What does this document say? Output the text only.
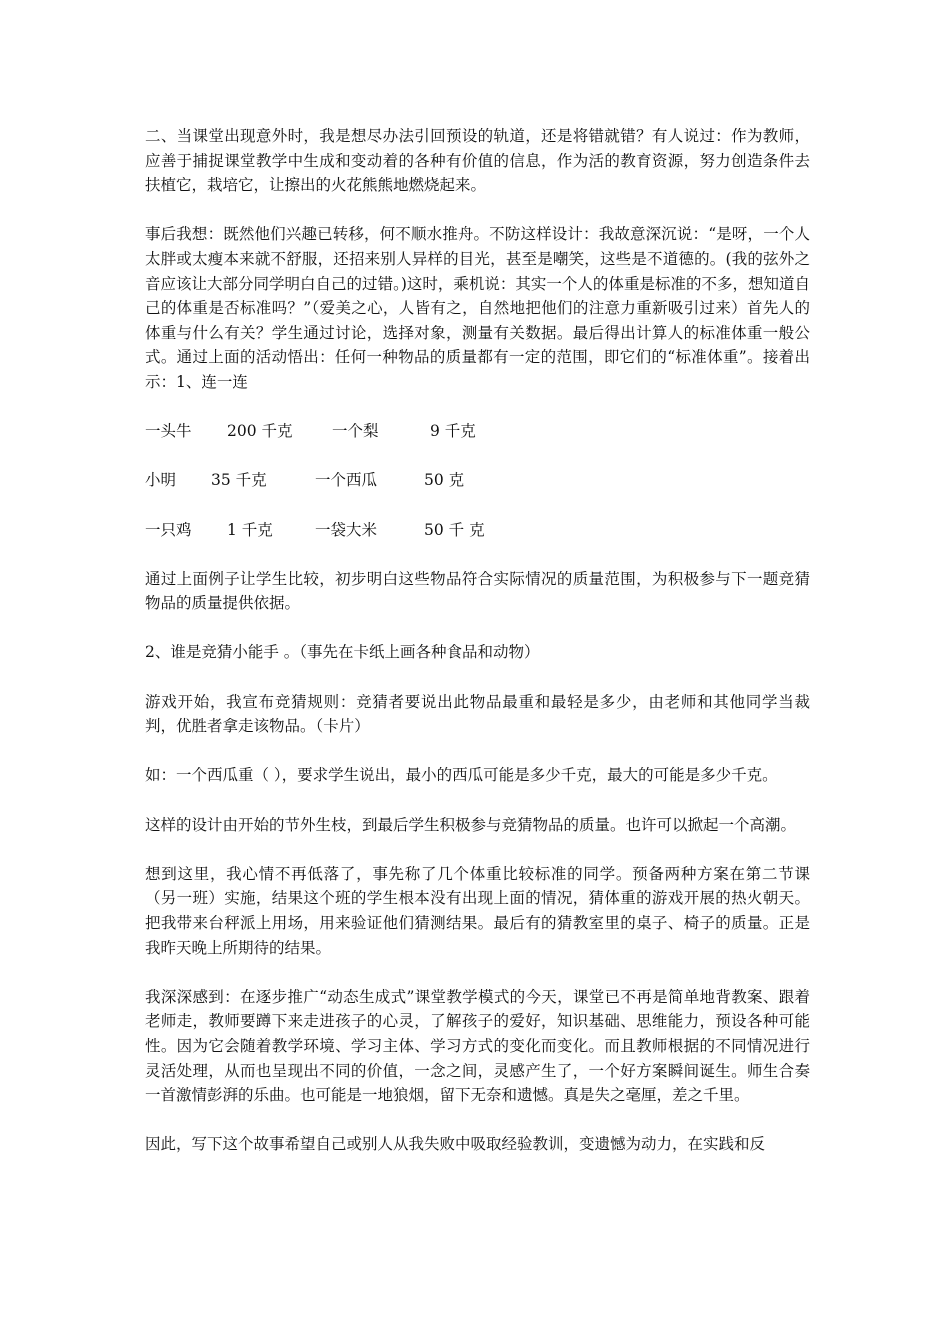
二、当课堂出现意外时，我是想尽办法引回预设的轨道，还是将错就错？有人说过：作为教师，应善于捕捉课堂教学中生成和变动着的各种有价值的信息，作为活的教育资源，努力创造条件去扶植它，栽培它，让擦出的火花熊熊地燃烧起来。

事后我想：既然他们兴趣已转移，何不顺水推舟。不防这样设计：我故意深沉说：“是呀，一个人太胖或太瘦本来就不舒服，还招来别人异样的目光，甚至是嘲笑，这些是不道德的。(我的弦外之音应该让大部分同学明白自己的过错。)这时，乘机说：其实一个人的体重是标准的不多，想知道自己的体重是否标准吗？”（爱美之心，人皆有之，自然地把他们的注意力重新吸引过来）首先人的体重与什么有关？学生通过讨论，选择对象，测量有关数据。最后得出计算人的标准体重一般公式。通过上面的活动悟出：任何一种物品的质量都有一定的范围，即它们的“标准体重”。接着出示：1、连一连

一头牛 200 千克	一个梨	9 千克
小明 35 千克	一个西瓜	50 克
一只鸡 1 千克	一袋大米	50 千 克

通过上面例子让学生比较，初步明白这些物品符合实际情况的质量范围，为积极参与下一题竞猜物品的质量提供依据。

2、谁是竞猜小能手 。（事先在卡纸上画各种食品和动物）

游戏开始，我宣布竞猜规则：竞猜者要说出此物品最重和最轻是多少，由老师和其他同学当裁判，优胜者拿走该物品。（卡片）

如：一个西瓜重（ ），要求学生说出，最小的西瓜可能是多少千克，最大的可能是多少千克。

这样的设计由开始的节外生枝，到最后学生积极参与竞猜物品的质量。也许可以掀起一个高潮。

想到这里，我心情不再低落了，事先称了几个体重比较标准的同学。预备两种方案在第二节课（另一班）实施，结果这个班的学生根本没有出现上面的情况，猜体重的游戏开展的热火朝天。把我带来台秤派上用场，用来验证他们猜测结果。最后有的猜教室里的桌子、椅子的质量。正是我昨天晚上所期待的结果。

我深深感到：在逐步推广“动态生成式”课堂教学模式的今天，课堂已不再是简单地背教案、跟着老师走，教师要蹲下来走进孩子的心灵，了解孩子的爱好，知识基础、思维能力，预设各种可能性。因为它会随着教学环境、学习主体、学习方式的变化而变化。而且教师根据的不同情况进行灵活处理，从而也呈现出不同的价值，一念之间，灵感产生了，一个好方案瞬间诞生。师生合奏一首激情彭湃的乐曲。也可能是一地狼烟，留下无奈和遗憾。真是失之毫厘，差之千里。

因此，写下这个故事希望自己或别人从我失败中吸取经验教训，变遗憾为动力，在实践和反
